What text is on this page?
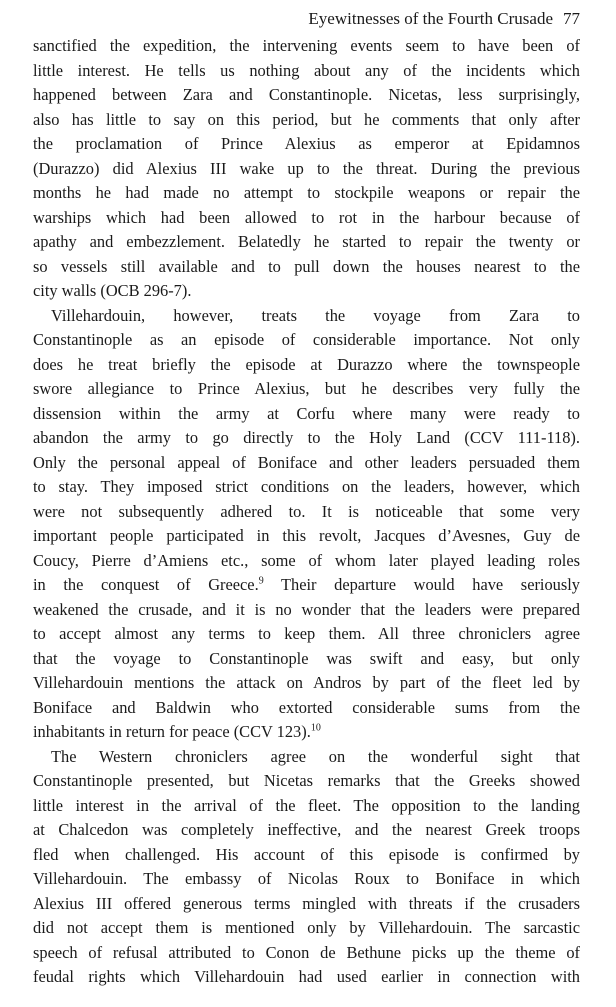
Eyewitnesses of the Fourth Crusade 77
sanctified the expedition, the intervening events seem to have been of
little interest. He tells us nothing about any of the incidents which
happened between Zara and Constantinople. Nicetas, less surprisingly,
also has little to say on this period, but he comments that only after
the proclamation of Prince Alexius as emperor at Epidamnos
(Durazzo) did Alexius III wake up to the threat. During the previous
months he had made no attempt to stockpile weapons or repair the
warships which had been allowed to rot in the harbour because of
apathy and embezzlement. Belatedly he started to repair the twenty or
so vessels still available and to pull down the houses nearest to the
city walls (OCB 296-7).
Villehardouin, however, treats the voyage from Zara to
Constantinople as an episode of considerable importance. Not only
does he treat briefly the episode at Durazzo where the townspeople
swore allegiance to Prince Alexius, but he describes very fully the
dissension within the army at Corfu where many were ready to
abandon the army to go directly to the Holy Land (CCV 111-118).
Only the personal appeal of Boniface and other leaders persuaded them
to stay. They imposed strict conditions on the leaders, however, which
were not subsequently adhered to. It is noticeable that some very
important people participated in this revolt, Jacques d’Avesnes, Guy de
Coucy, Pierre d’Amiens etc., some of whom later played leading roles
in the conquest of Greece.$^9$ Their departure would have seriously
weakened the crusade, and it is no wonder that the leaders were prepared
to accept almost any terms to keep them. All three chroniclers agree
that the voyage to Constantinople was swift and easy, but only
Villehardouin mentions the attack on Andros by part of the fleet led by
Boniface and Baldwin who extorted considerable sums from the
inhabitants in return for peace (CCV 123).$^{10}$
The Western chroniclers agree on the wonderful sight that
Constantinople presented, but Nicetas remarks that the Greeks showed
little interest in the arrival of the fleet. The opposition to the landing
at Chalcedon was completely ineffective, and the nearest Greek troops
fled when challenged. His account of this episode is confirmed by
Villehardouin. The embassy of Nicolas Roux to Boniface in which
Alexius III offered generous terms mingled with threats if the crusaders
did not accept them is mentioned only by Villehardouin. The sarcastic
speech of refusal attributed to Conon de Bethune picks up the theme of
feudal rights which Villehardouin had used earlier in connection with
